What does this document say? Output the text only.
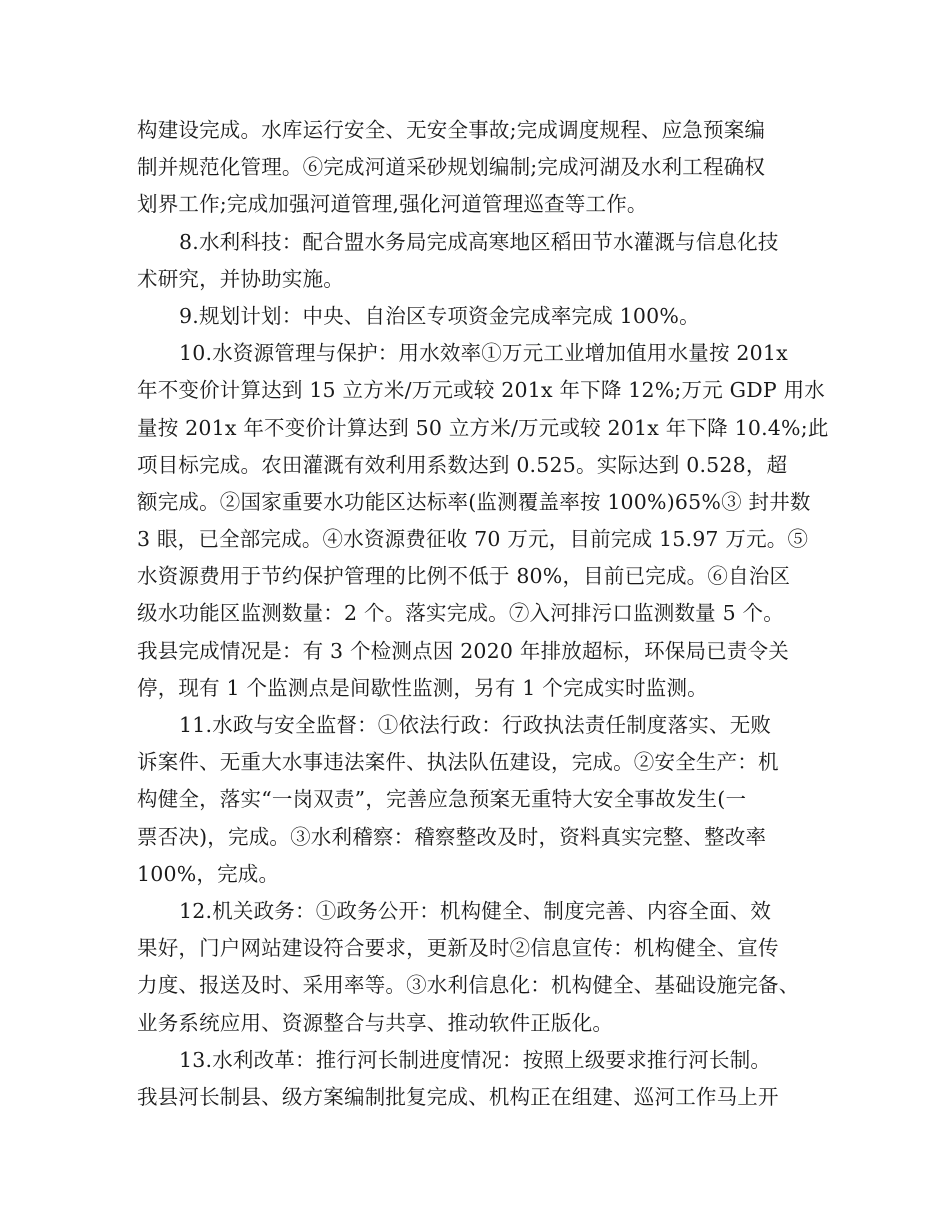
构建设完成。水库运行安全、无安全事故;完成调度规程、应急预案编
制并规范化管理。⑥完成河道采砂规划编制;完成河湖及水利工程确权
划界工作;完成加强河道管理,强化河道管理巡查等工作。
8.水利科技：配合盟水务局完成高寒地区稻田节水灌溉与信息化技
术研究，并协助实施。
9.规划计划：中央、自治区专项资金完成率完成 100%。
10.水资源管理与保护：用水效率①万元工业增加值用水量按 201x
年不变价计算达到 15 立方米/万元或较 201x 年下降 12%;万元 GDP 用水
量按 201x 年不变价计算达到 50 立方米/万元或较 201x 年下降 10.4%;此
项目标完成。农田灌溉有效利用系数达到 0.525。实际达到 0.528，超
额完成。②国家重要水功能区达标率(监测覆盖率按 100%)65%③ 封井数
3 眼，已全部完成。④水资源费征收 70 万元，目前完成 15.97 万元。⑤
水资源费用于节约保护管理的比例不低于 80%，目前已完成。⑥自治区
级水功能区监测数量：2 个。落实完成。⑦入河排污口监测数量 5 个。
我县完成情况是：有 3 个检测点因 2020 年排放超标，环保局已责令关
停，现有 1 个监测点是间歇性监测，另有 1 个完成实时监测。
11.水政与安全监督：①依法行政：行政执法责任制度落实、无败
诉案件、无重大水事违法案件、执法队伍建设，完成。②安全生产：机
构健全，落实“一岗双责”，完善应急预案无重特大安全事故发生(一
票否决)，完成。③水利稽察：稽察整改及时，资料真实完整、整改率
100%，完成。
12.机关政务：①政务公开：机构健全、制度完善、内容全面、效
果好，门户网站建设符合要求，更新及时②信息宣传：机构健全、宣传
力度、报送及时、采用率等。③水利信息化：机构健全、基础设施完备、
业务系统应用、资源整合与共享、推动软件正版化。
13.水利改革：推行河长制进度情况：按照上级要求推行河长制。
我县河长制县、级方案编制批复完成、机构正在组建、巡河工作马上开
